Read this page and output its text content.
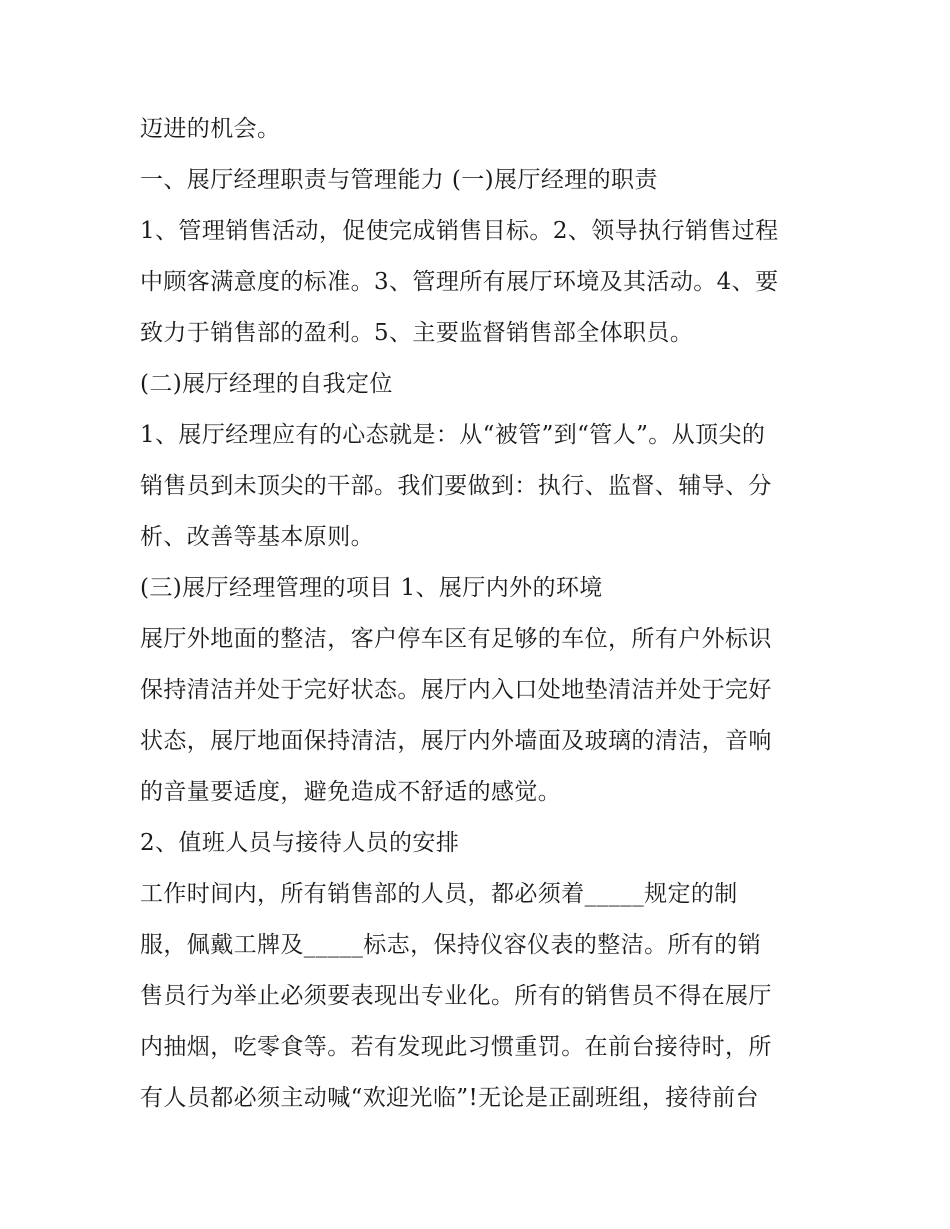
迈进的机会。
一、展厅经理职责与管理能力 (一)展厅经理的职责
1、管理销售活动，促使完成销售目标。2、领导执行销售过程
中顾客满意度的标准。3、管理所有展厅环境及其活动。4、要
致力于销售部的盈利。5、主要监督销售部全体职员。
(二)展厅经理的自我定位
1、展厅经理应有的心态就是：从“被管”到“管人”。从顶尖的
销售员到未顶尖的干部。我们要做到：执行、监督、辅导、分
析、改善等基本原则。
(三)展厅经理管理的项目 1、展厅内外的环境
展厅外地面的整洁，客户停车区有足够的车位，所有户外标识
保持清洁并处于完好状态。展厅内入口处地垫清洁并处于完好
状态，展厅地面保持清洁，展厅内外墙面及玻璃的清洁，音响
的音量要适度，避免造成不舒适的感觉。
2、值班人员与接待人员的安排
工作时间内，所有销售部的人员，都必须着_____规定的制
服，佩戴工牌及_____标志，保持仪容仪表的整洁。所有的销
售员行为举止必须要表现出专业化。所有的销售员不得在展厅
内抽烟，吃零食等。若有发现此习惯重罚。在前台接待时，所
有人员都必须主动喊“欢迎光临”!无论是正副班组，接待前台
